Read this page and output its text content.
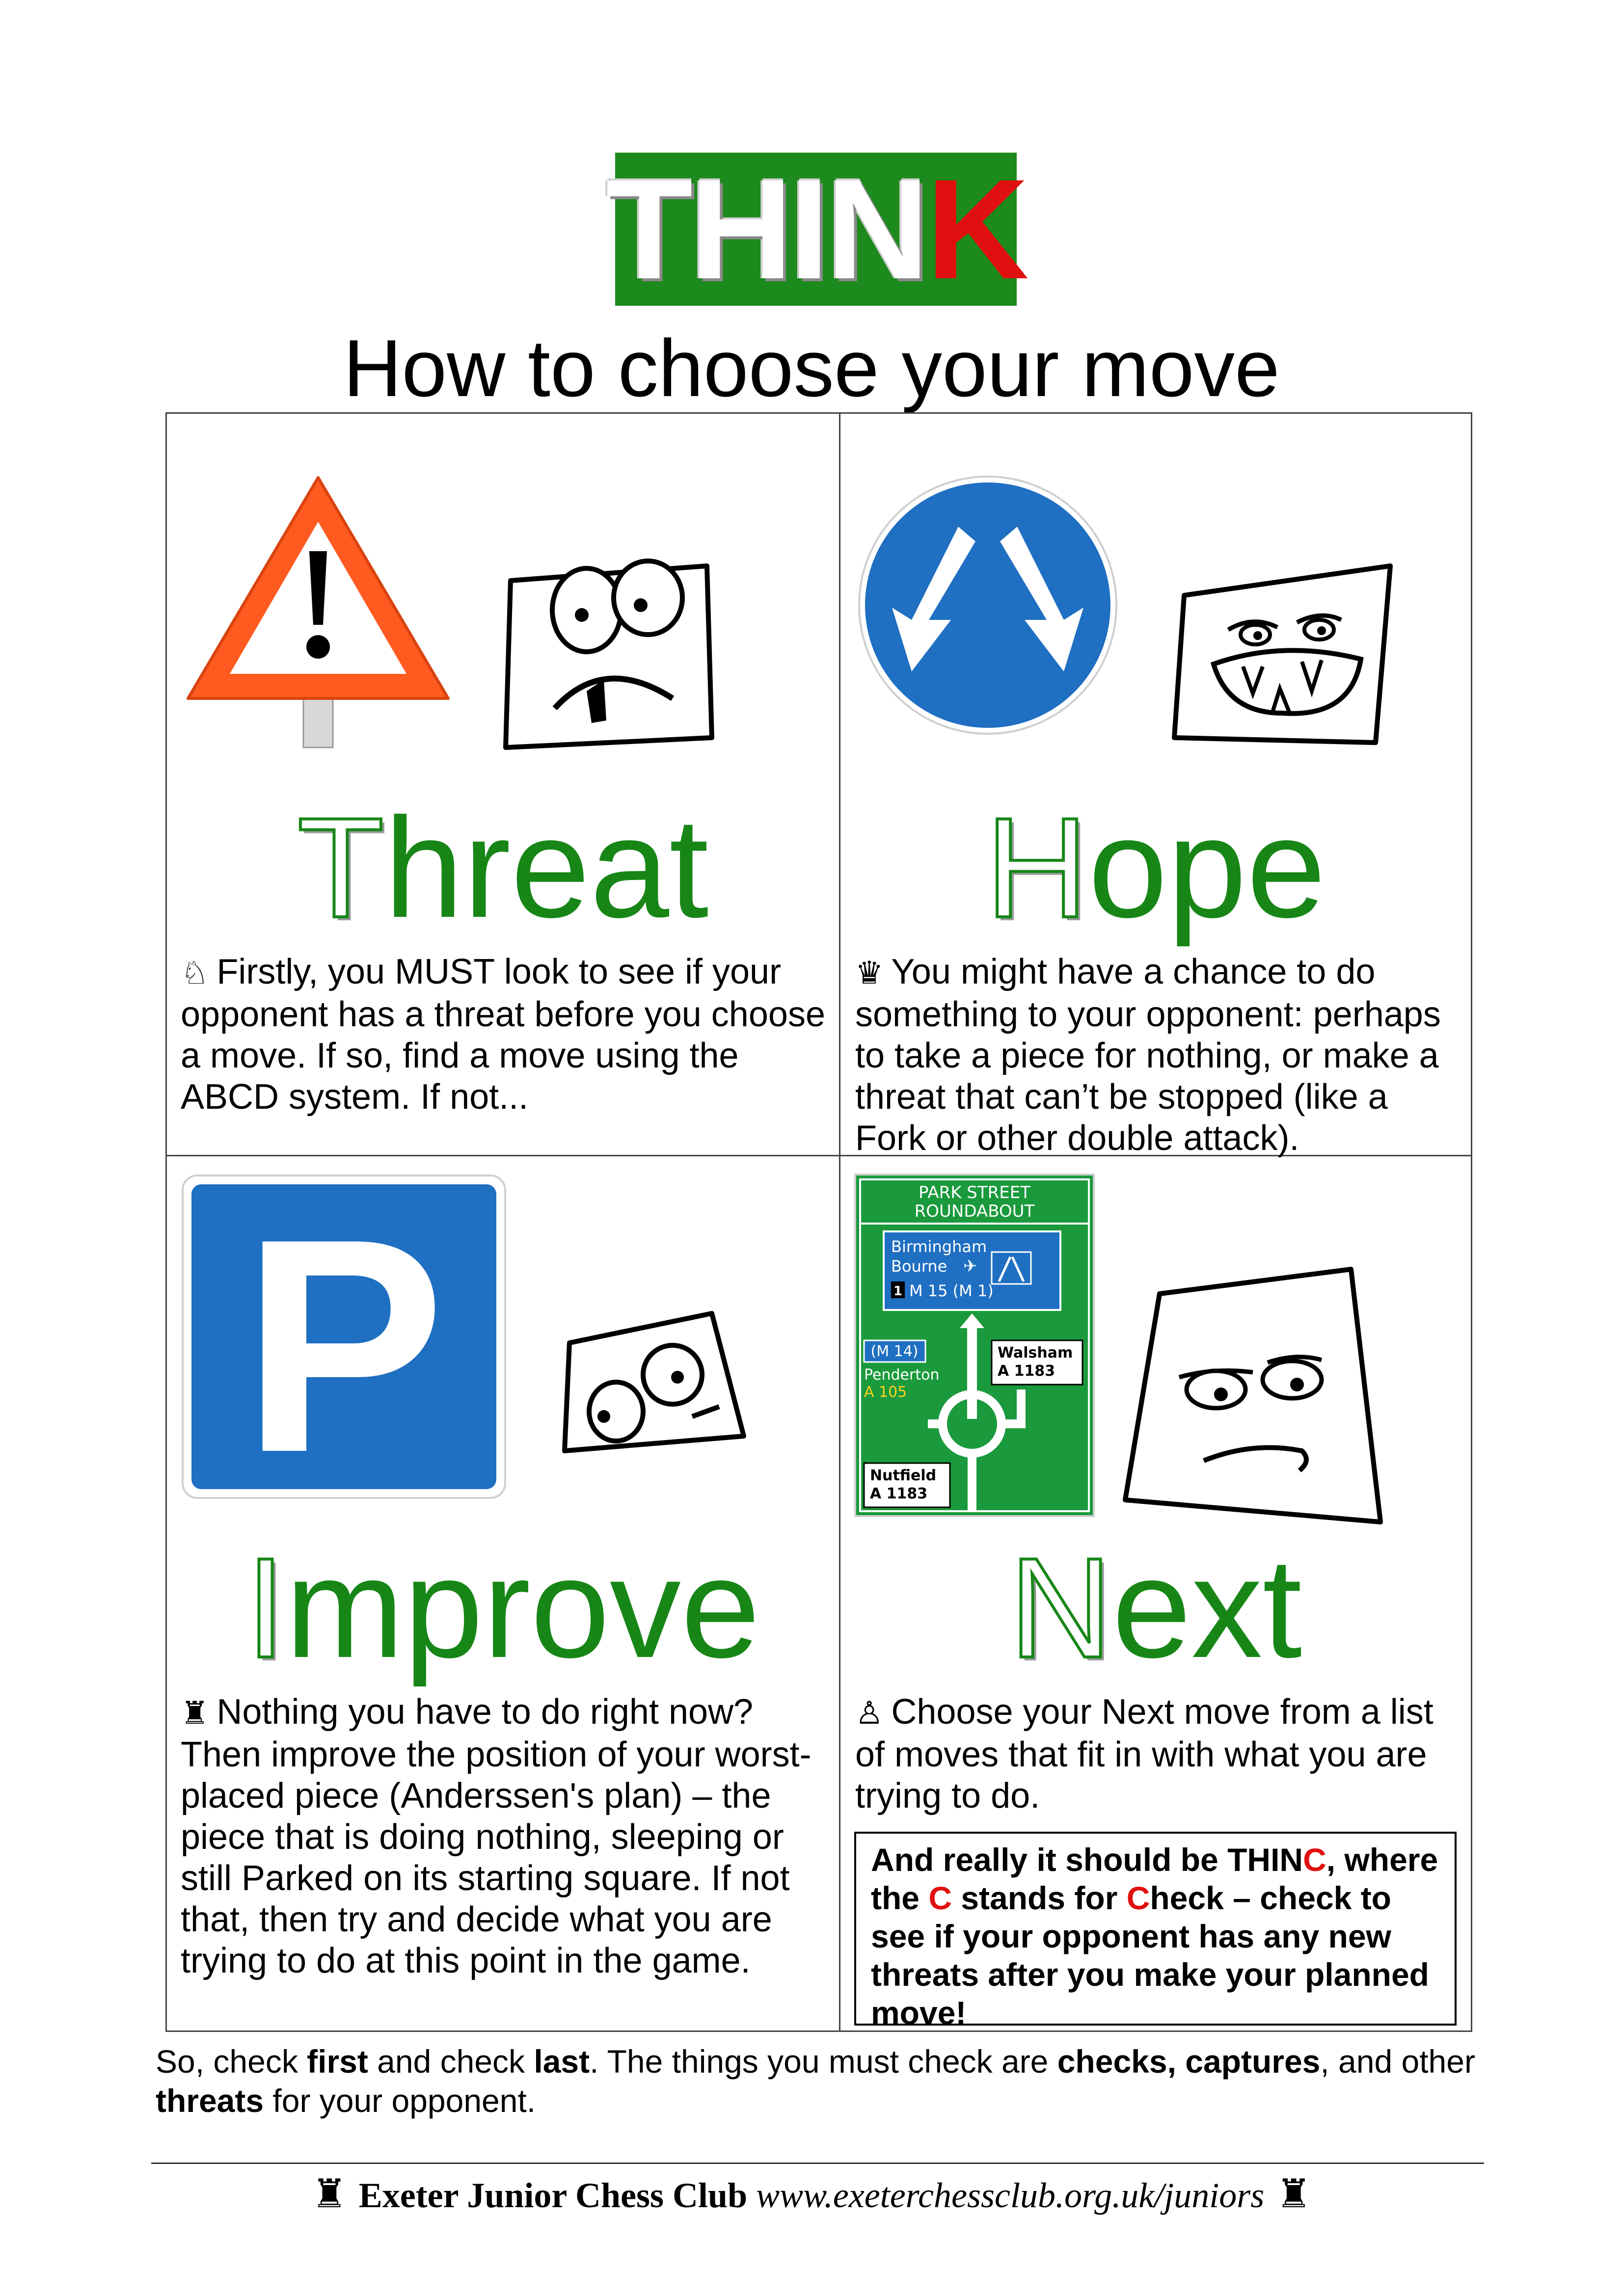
THINK
How to choose your move
Threat
♘ Firstly, you MUST look to see if your opponent has a threat before you choose a move. If so, find a move using the ABCD system. If not...
Hope
♛ You might have a chance to do something to your opponent: perhaps to take a piece for nothing, or make a threat that can’t be stopped (like a Fork or other double attack).
P
Improve
♜ Nothing you have to do right now? Then improve the position of your worst-placed piece (Anderssen's plan) – the piece that is doing nothing, sleeping or still Parked on its starting square. If not that, then try and decide what you are trying to do at this point in the game.
PARK STREET
ROUNDABOUT
Birmingham
Bourne ✈
1 M 15 (M 1)
(M 14)
Penderton
A 105
Walsham
A 1183
Nutfield
A 1183
Next
♙ Choose your Next move from a list of moves that fit in with what you are trying to do.
And really it should be THINC, where the C stands for Check – check to see if your opponent has any new threats after you make your planned move!
So, check first and check last. The things you must check are checks, captures, and other threats for your opponent.
♜ Exeter Junior Chess Club www.exeterchessclub.org.uk/juniors ♜
